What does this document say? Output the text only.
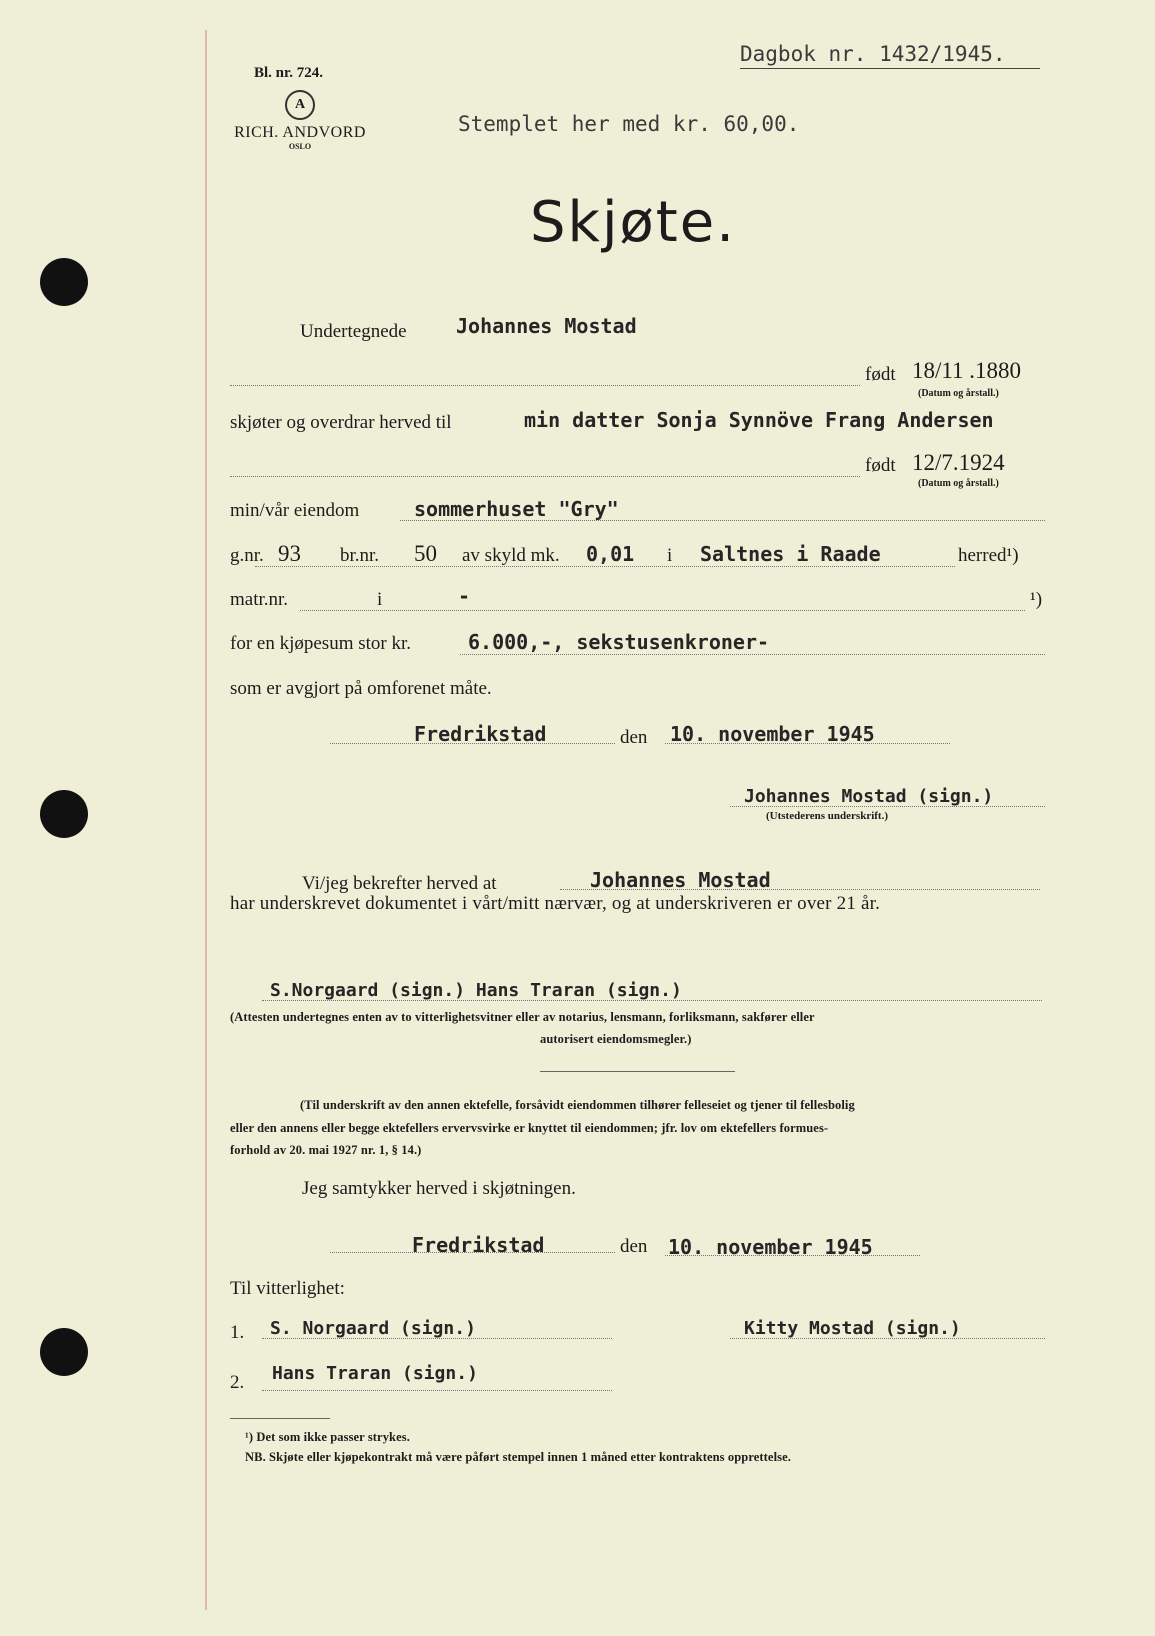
Bl. nr. 724.
A
RICH. ANDVORD
OSLO
Dagbok nr. 1432/1945.
Stemplet her med kr. 60,00.
Skjøte.
Undertegnede Johannes Mostad
født 18/11 .1880
(Datum og årstall.)
skjøter og overdrar herved til	min datter Sonja Synnöve Frang Andersen
født 12/7.1924
(Datum og årstall.)
min/vår eiendom	sommerhuset "Gry"
g.nr. 93 br.nr. 50 av skyld mk. 0,01 i Saltnes i Raade	herred¹)
matr.nr.	i	-	¹)
for en kjøpesum stor kr.	6.000,-, sekstusenkroner-
som er avgjort på omforenet måte.
Fredrikstad	den 10. november 1945
Johannes Mostad (sign.)
(Utstederens underskrift.)
Vi/jeg bekrefter herved at	Johannes Mostad
har underskrevet dokumentet i vårt/mitt nærvær, og at underskriveren er over 21 år.
S.Norgaard (sign.) Hans Traran (sign.)
(Attesten undertegnes enten av to vitterlighetsvitner eller av notarius, lensmann, forliksmann, sakfører eller
autorisert eiendomsmegler.)
(Til underskrift av den annen ektefelle, forsåvidt eiendommen tilhører felleseiet og tjener til fellesbolig
eller den annens eller begge ektefellers ervervsvirke er knyttet til eiendommen; jfr. lov om ektefellers formues-
forhold av 20. mai 1927 nr. 1, § 14.)
Jeg samtykker herved i skjøtningen.
Fredrikstad	den 10. november 1945
Til vitterlighet:
1. S. Norgaard (sign.)	Kitty Mostad (sign.)
2. Hans Traran (sign.)
¹) Det som ikke passer strykes.
NB. Skjøte eller kjøpekontrakt må være påført stempel innen 1 måned etter kontraktens opprettelse.
